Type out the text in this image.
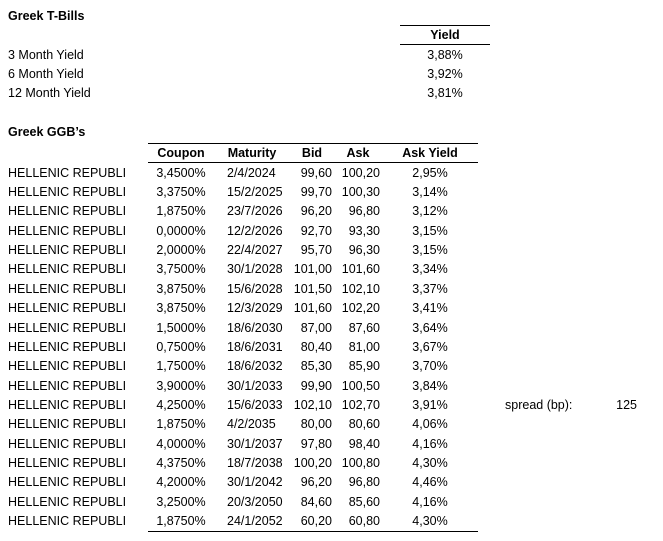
Greek T-Bills
Yield
3 Month Yield	3,88%
6 Month Yield	3,92%
12 Month Yield	3,81%
Greek GGB’s
Coupon	Maturity	Bid	Ask	Ask Yield
HELLENIC REPUBLI	3,4500%	2/4/2024	99,60 100,20	2,95%
HELLENIC REPUBLI	3,3750%	15/2/2025	99,70 100,30	3,14%
HELLENIC REPUBLI	1,8750%	23/7/2026	96,20	96,80	3,12%
HELLENIC REPUBLI	0,0000%	12/2/2026	92,70	93,30	3,15%
HELLENIC REPUBLI	2,0000%	22/4/2027	95,70	96,30	3,15%
HELLENIC REPUBLI	3,7500%	30/1/2028 101,00 101,60	3,34%
HELLENIC REPUBLI	3,8750%	15/6/2028 101,50 102,10	3,37%
HELLENIC REPUBLI	3,8750%	12/3/2029 101,60 102,20	3,41%
HELLENIC REPUBLI	1,5000%	18/6/2030	87,00	87,60	3,64%
HELLENIC REPUBLI	0,7500%	18/6/2031	80,40	81,00	3,67%
HELLENIC REPUBLI	1,7500%	18/6/2032	85,30	85,90	3,70%
HELLENIC REPUBLI	3,9000%	30/1/2033	99,90 100,50	3,84%
HELLENIC REPUBLI	4,2500%	15/6/2033 102,10 102,70	3,91%
HELLENIC REPUBLI	1,8750%	4/2/2035	80,00	80,60	4,06%
HELLENIC REPUBLI	4,0000%	30/1/2037	97,80	98,40	4,16%
HELLENIC REPUBLI	4,3750%	18/7/2038 100,20 100,80	4,30%
HELLENIC REPUBLI	4,2000%	30/1/2042	96,20	96,80	4,46%
HELLENIC REPUBLI	3,2500%	20/3/2050	84,60	85,60	4,16%
HELLENIC REPUBLI	1,8750%	24/1/2052	60,20	60,80	4,30%
spread (bp):	125
